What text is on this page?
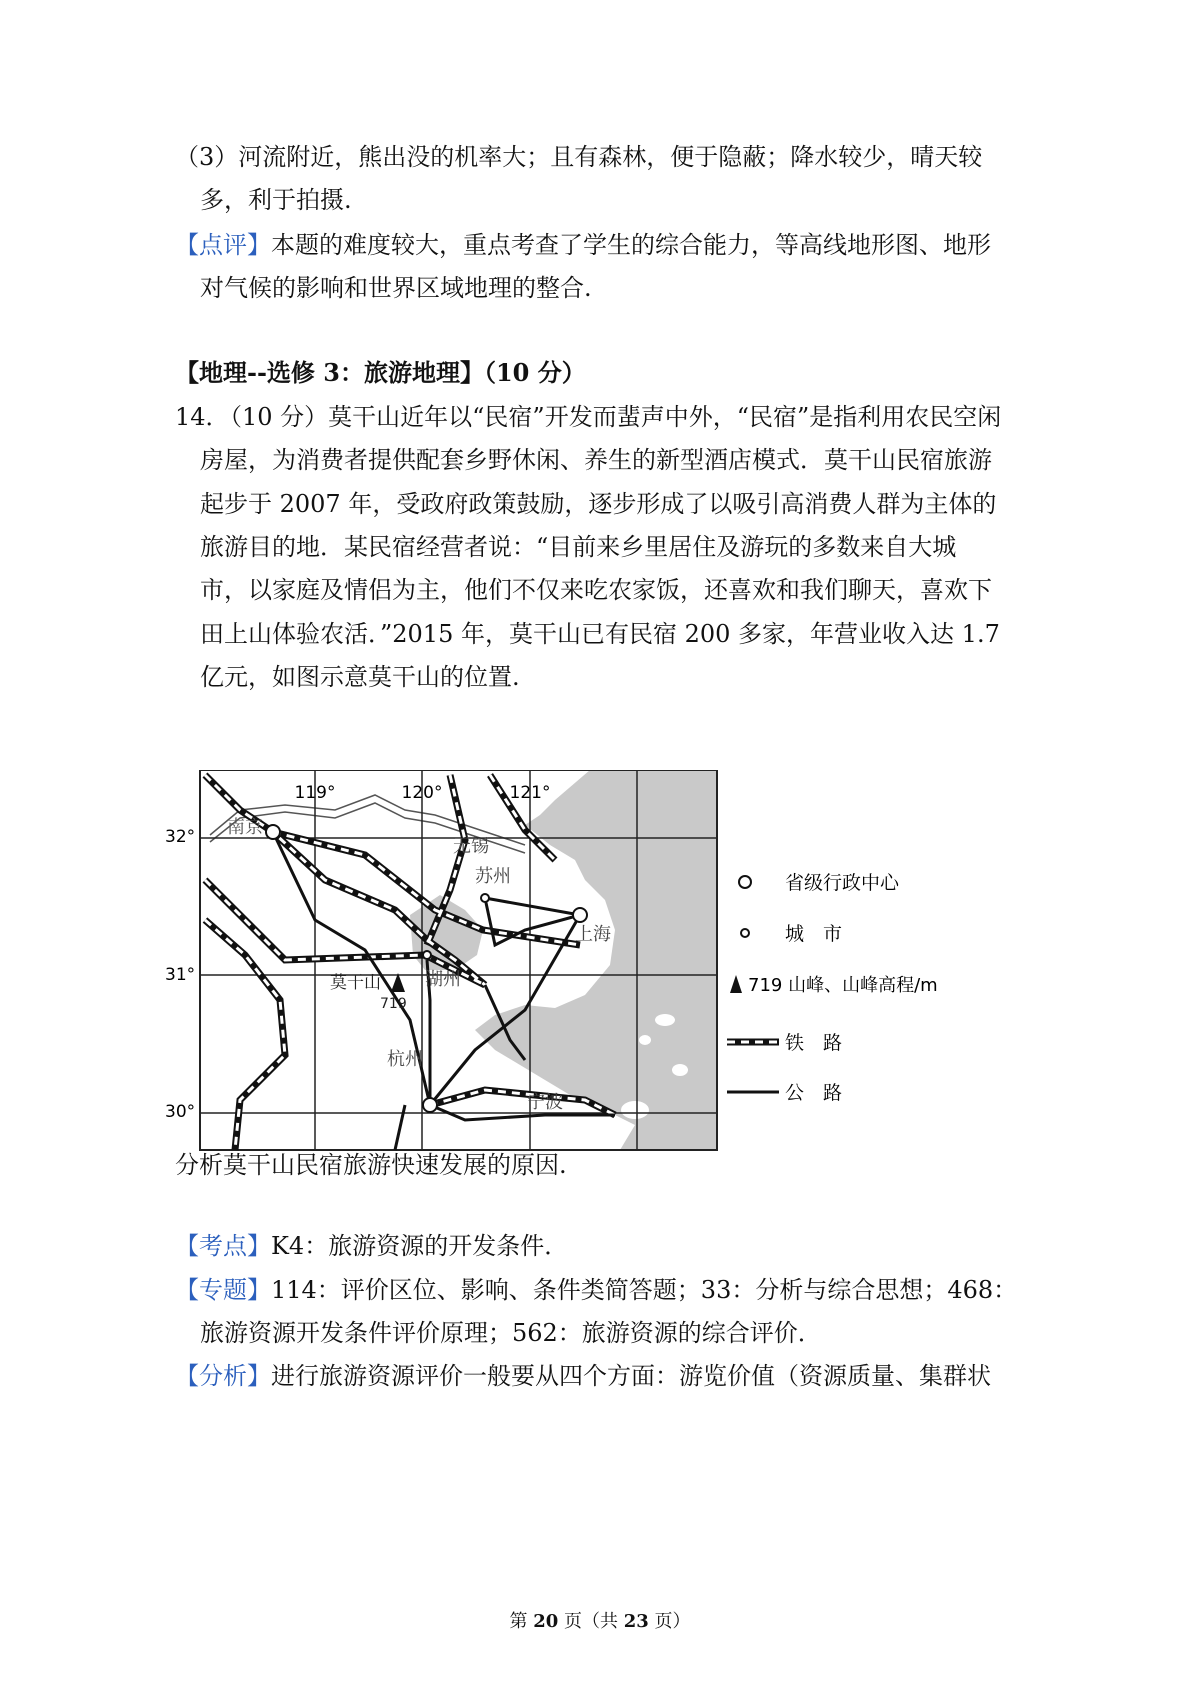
（3）河流附近，熊出没的机率大；且有森林，便于隐蔽；降水较少，晴天较
多，利于拍摄.
【点评】本题的难度较大，重点考查了学生的综合能力，等高线地形图、地形
对气候的影响和世界区域地理的整合.
【地理--选修 3：旅游地理】（10 分）
14．
（10 分）莫干山近年以“民宿”开发而蜚声中外，“民宿”是指利用农民空闲
房屋，为消费者提供配套乡野休闲、养生的新型酒店模式．莫干山民宿旅游
起步于 2007 年，受政府政策鼓励，逐步形成了以吸引高消费人群为主体的
旅游目的地．某民宿经营者说：“目前来乡里居住及游玩的多数来自大城
市，以家庭及情侣为主，他们不仅来吃农家饭，还喜欢和我们聊天，喜欢下
田上山体验农活．”2015 年，莫干山已有民宿 200 多家，年营业收入达 1.7
亿元，如图示意莫干山的位置.
119°	120°	121°
32°
31°
30°
南京
无锡
苏州
上海
湖州
杭州
宁波
莫干山
719
省级行政中心
城　市
719 山峰、山峰高程/m
铁　路
公　路
分析莫干山民宿旅游快速发展的原因.
【考点】K4：旅游资源的开发条件．
【专题】114：评价区位、影响、条件类简答题；33：分析与综合思想；468：
旅游资源开发条件评价原理；562：旅游资源的综合评价．
【分析】进行旅游资源评价一般要从四个方面：游览价值（资源质量、集群状
第 20 页（共 23 页）
